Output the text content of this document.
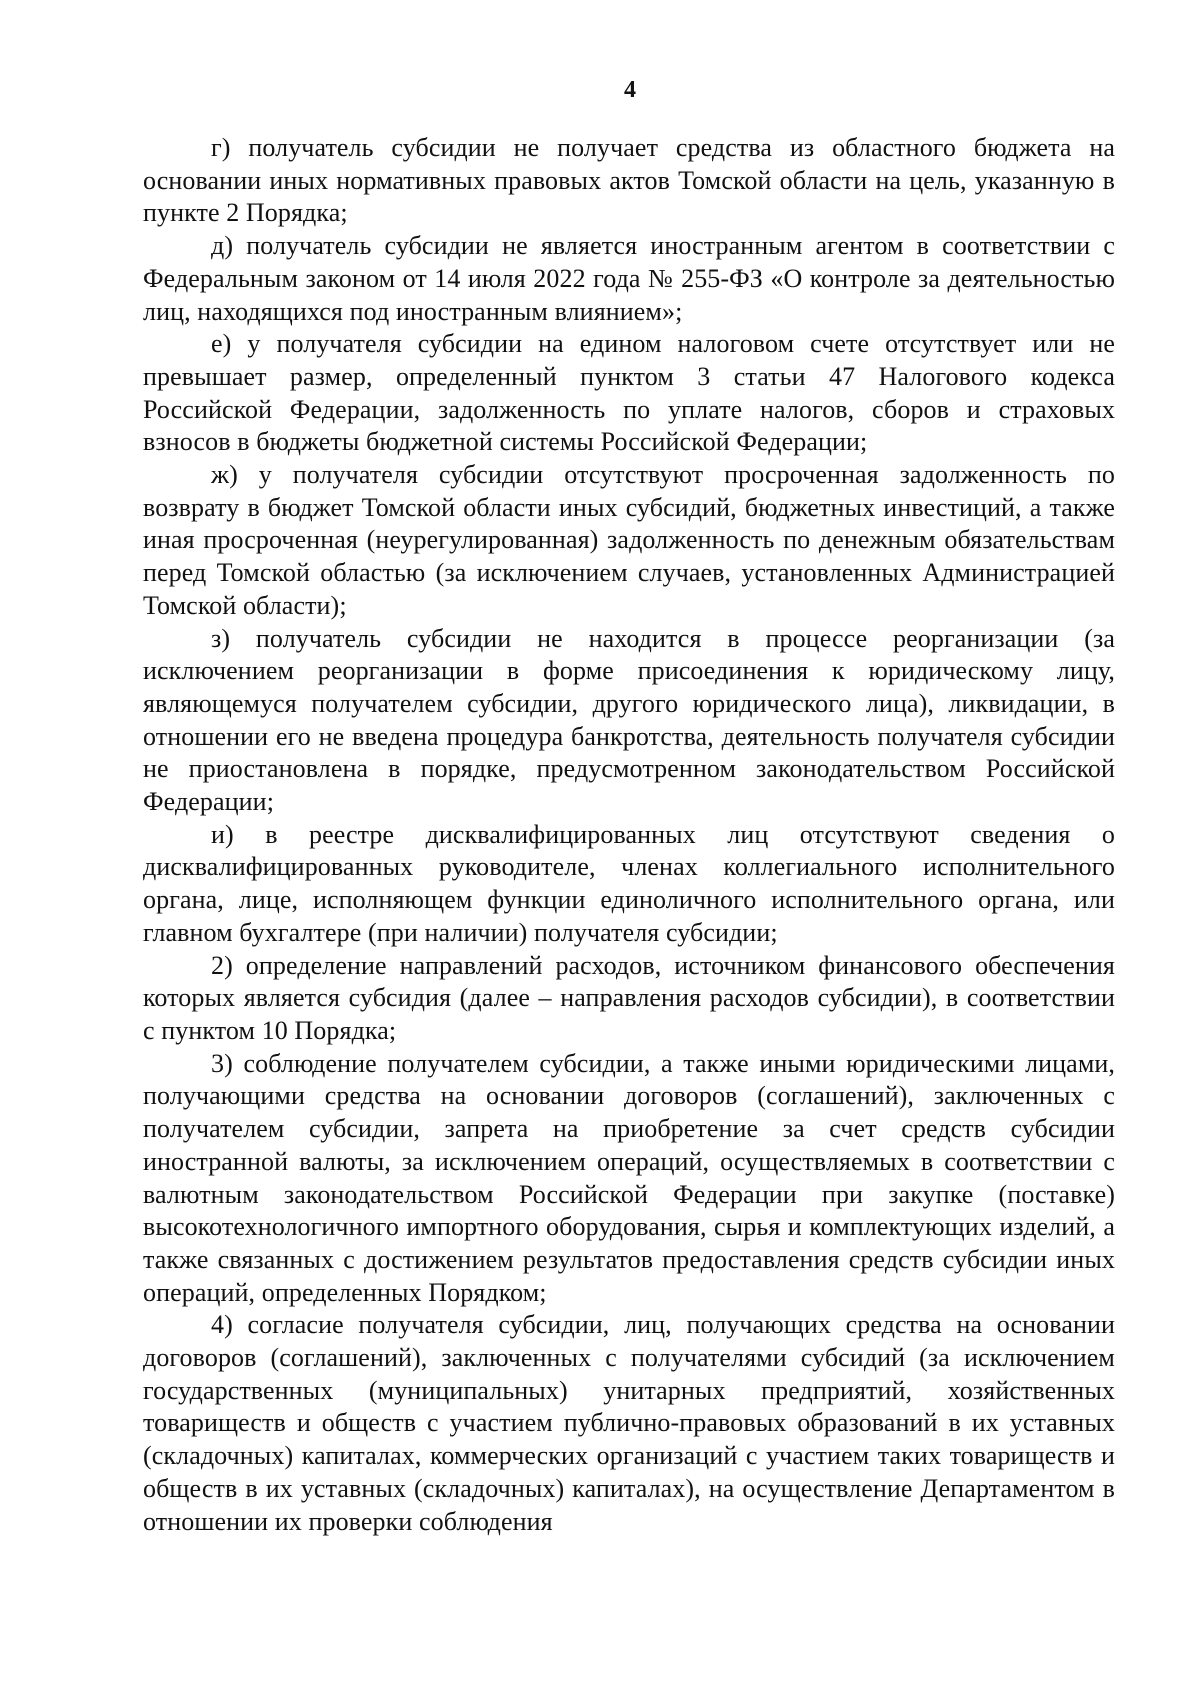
4

г) получатель субсидии не получает средства из областного бюджета на основании иных нормативных правовых актов Томской области на цель, указанную в пункте 2 Порядка;

д) получатель субсидии не является иностранным агентом в соответствии с Федеральным законом от 14 июля 2022 года № 255-ФЗ «О контроле за деятельностью лиц, находящихся под иностранным влиянием»;

е) у получателя субсидии на едином налоговом счете отсутствует или не превышает размер, определенный пунктом 3 статьи 47 Налогового кодекса Российской Федерации, задолженность по уплате налогов, сборов и страховых взносов в бюджеты бюджетной системы Российской Федерации;

ж) у получателя субсидии отсутствуют просроченная задолженность по возврату в бюджет Томской области иных субсидий, бюджетных инвестиций, а также иная просроченная (неурегулированная) задолженность по денежным обязательствам перед Томской областью (за исключением случаев, установленных Администрацией Томской области);

з) получатель субсидии не находится в процессе реорганизации (за исключением реорганизации в форме присоединения к юридическому лицу, являющемуся получателем субсидии, другого юридического лица), ликвидации, в отношении его не введена процедура банкротства, деятельность получателя субсидии не приостановлена в порядке, предусмотренном законодательством Российской Федерации;

и) в реестре дисквалифицированных лиц отсутствуют сведения о дисквалифицированных руководителе, членах коллегиального исполнительного органа, лице, исполняющем функции единоличного исполнительного органа, или главном бухгалтере (при наличии) получателя субсидии;

2) определение направлений расходов, источником финансового обеспечения которых является субсидия (далее – направления расходов субсидии), в соответствии с пунктом 10 Порядка;

3) соблюдение получателем субсидии, а также иными юридическими лицами, получающими средства на основании договоров (соглашений), заключенных с получателем субсидии, запрета на приобретение за счет средств субсидии иностранной валюты, за исключением операций, осуществляемых в соответствии с валютным законодательством Российской Федерации при закупке (поставке) высокотехнологичного импортного оборудования, сырья и комплектующих изделий, а также связанных с достижением результатов предоставления средств субсидии иных операций, определенных Порядком;

4) согласие получателя субсидии, лиц, получающих средства на основании договоров (соглашений), заключенных с получателями субсидий (за исключением государственных (муниципальных) унитарных предприятий, хозяйственных товариществ и обществ с участием публично-правовых образований в их уставных (складочных) капиталах, коммерческих организаций с участием таких товариществ и обществ в их уставных (складочных) капиталах), на осуществление Департаментом в отношении их проверки соблюдения
